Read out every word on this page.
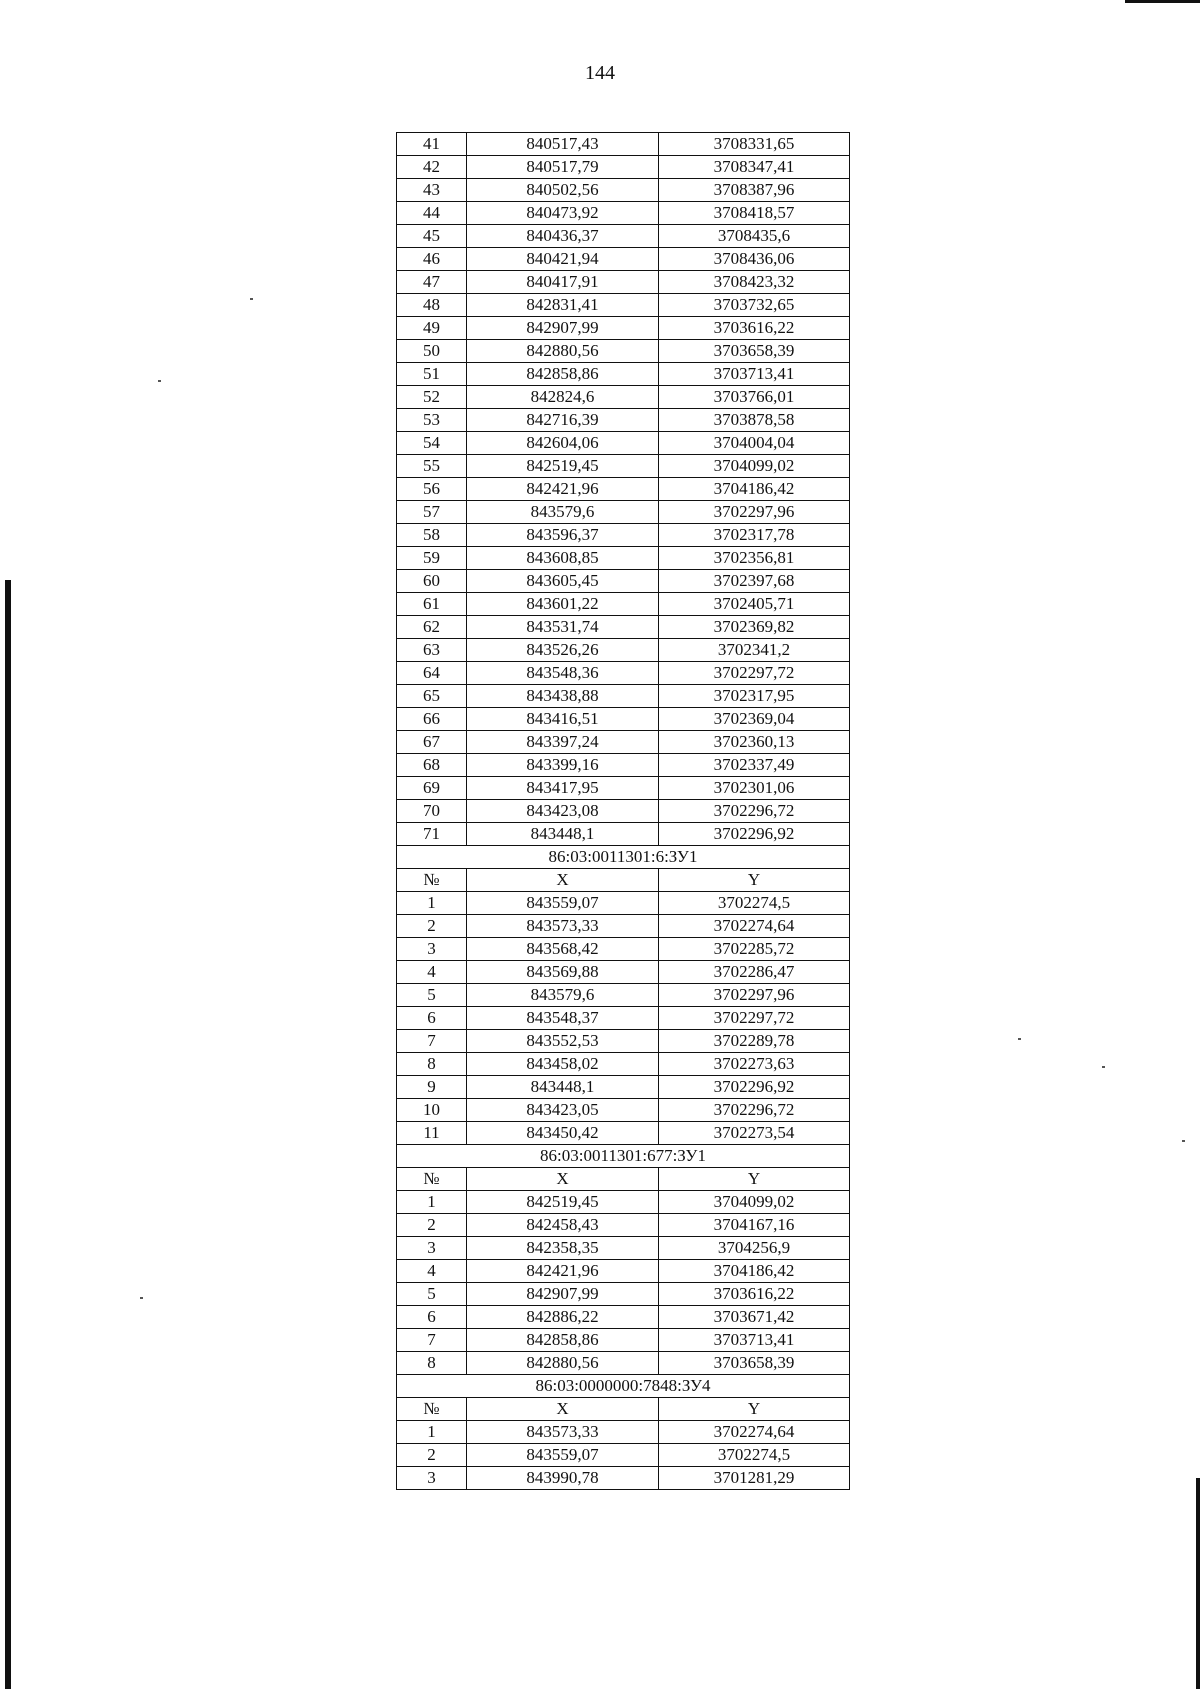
144
41	840517,43	3708331,65
42	840517,79	3708347,41
43	840502,56	3708387,96
44	840473,92	3708418,57
45	840436,37	3708435,6
46	840421,94	3708436,06
47	840417,91	3708423,32
48	842831,41	3703732,65
49	842907,99	3703616,22
50	842880,56	3703658,39
51	842858,86	3703713,41
52	842824,6	3703766,01
53	842716,39	3703878,58
54	842604,06	3704004,04
55	842519,45	3704099,02
56	842421,96	3704186,42
57	843579,6	3702297,96
58	843596,37	3702317,78
59	843608,85	3702356,81
60	843605,45	3702397,68
61	843601,22	3702405,71
62	843531,74	3702369,82
63	843526,26	3702341,2
64	843548,36	3702297,72
65	843438,88	3702317,95
66	843416,51	3702369,04
67	843397,24	3702360,13
68	843399,16	3702337,49
69	843417,95	3702301,06
70	843423,08	3702296,72
71	843448,1	3702296,92
86:03:0011301:6:ЗУ1		
№	X	Y
1	843559,07	3702274,5
2	843573,33	3702274,64
3	843568,42	3702285,72
4	843569,88	3702286,47
5	843579,6	3702297,96
6	843548,37	3702297,72
7	843552,53	3702289,78
8	843458,02	3702273,63
9	843448,1	3702296,92
10	843423,05	3702296,72
11	843450,42	3702273,54
86:03:0011301:677:ЗУ1		
№	X	Y
1	842519,45	3704099,02
2	842458,43	3704167,16
3	842358,35	3704256,9
4	842421,96	3704186,42
5	842907,99	3703616,22
6	842886,22	3703671,42
7	842858,86	3703713,41
8	842880,56	3703658,39
86:03:0000000:7848:ЗУ4		
№	X	Y
1	843573,33	3702274,64
2	843559,07	3702274,5
3	843990,78	3701281,29
